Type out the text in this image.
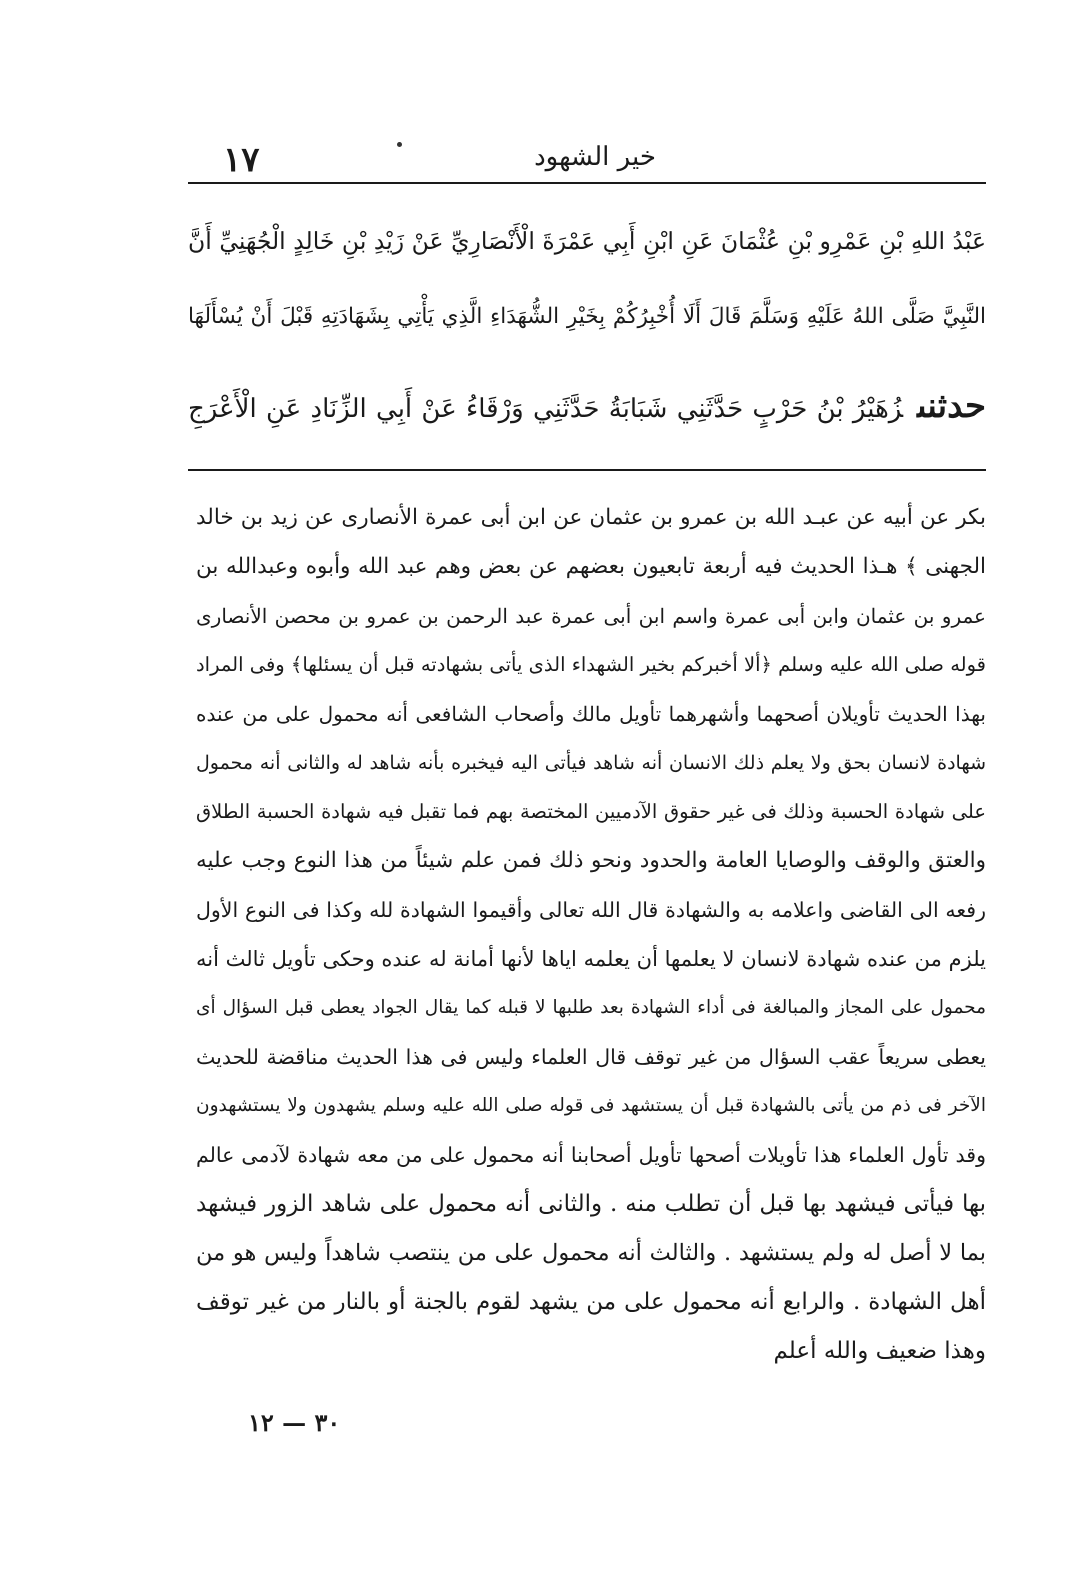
١٧	خير الشهود
عَبْدُ اللهِ بْنِ عَمْرِو بْنِ عُثْمَانَ عَنِ ابْنِ أَبِي عَمْرَةَ الْأَنْصَارِيِّ عَنْ زَيْدِ بْنِ خَالِدٍ الْجُهَنِيِّ أَنَّ
النَّبِيَّ صَلَّى اللهُ عَلَيْهِ وَسَلَّمَ قَالَ أَلَا أُخْبِرُكُمْ بِخَيْرِ الشُّهَدَاءِ الَّذِي يَأْتِي بِشَهَادَتِهِ قَبْلَ أَنْ يُسْأَلَهَا
حدثنىزُهَيْرُ بْنُ حَرْبٍ حَدَّثَنِي شَبَابَةُ حَدَّثَنِي وَرْقَاءُ عَنْ أَبِي الزِّنَادِ عَنِ الْأَعْرَجِ
بكر عن أبيه عن عبـد الله بن عمرو بن عثمان عن ابن أبى عمرة الأنصارى عن زيد بن خالد
الجهنى ﴾ هـذا الحديث فيه أربعة تابعيون بعضهم عن بعض وهم عبد الله وأبوه وعبدالله بن
عمرو بن عثمان وابن أبى عمرة واسم ابن أبى عمرة عبد الرحمن بن عمرو بن محصن الأنصارى
قوله صلى الله عليه وسلم ﴿ألا أخبركم بخير الشهداء الذى يأتى بشهادته قبل أن يسئلها﴾ وفى المراد
بهذا الحديث تأويلان أصحهما وأشهرهما تأويل مالك وأصحاب الشافعى أنه محمول على من عنده
شهادة لانسان بحق ولا يعلم ذلك الانسان أنه شاهد فيأتى اليه فيخبره بأنه شاهد له والثانى أنه محمول
على شهادة الحسبة وذلك فى غير حقوق الآدميين المختصة بهم فما تقبل فيه شهادة الحسبة الطلاق
والعتق والوقف والوصايا العامة والحدود ونحو ذلك فمن علم شيئاً من هذا النوع وجب عليه
رفعه الى القاضى واعلامه به والشهادة قال الله تعالى وأقيموا الشهادة لله وكذا فى النوع الأول
يلزم من عنده شهادة لانسان لا يعلمها أن يعلمه اياها لأنها أمانة له عنده وحكى تأويل ثالث أنه
محمول على المجاز والمبالغة فى أداء الشهادة بعد طلبها لا قبله كما يقال الجواد يعطى قبل السؤال أى
يعطى سريعاً عقب السؤال من غير توقف قال العلماء وليس فى هذا الحديث مناقضة للحديث
الآخر فى ذم من يأتى بالشهادة قبل أن يستشهد فى قوله صلى الله عليه وسلم يشهدون ولا يستشهدون
وقد تأول العلماء هذا تأويلات أصحها تأويل أصحابنا أنه محمول على من معه شهادة لآدمى عالم
بها فيأتى فيشهد بها قبل أن تطلب منه . والثانى أنه محمول على شاهد الزور فيشهد
بما لا أصل له ولم يستشهد . والثالث أنه محمول على من ينتصب شاهداً وليس هو من
أهل الشهادة . والرابع أنه محمول على من يشهد لقوم بالجنة أو بالنار من غير توقف
وهذا ضعيف والله أعلم
٣٠ — ١٢
